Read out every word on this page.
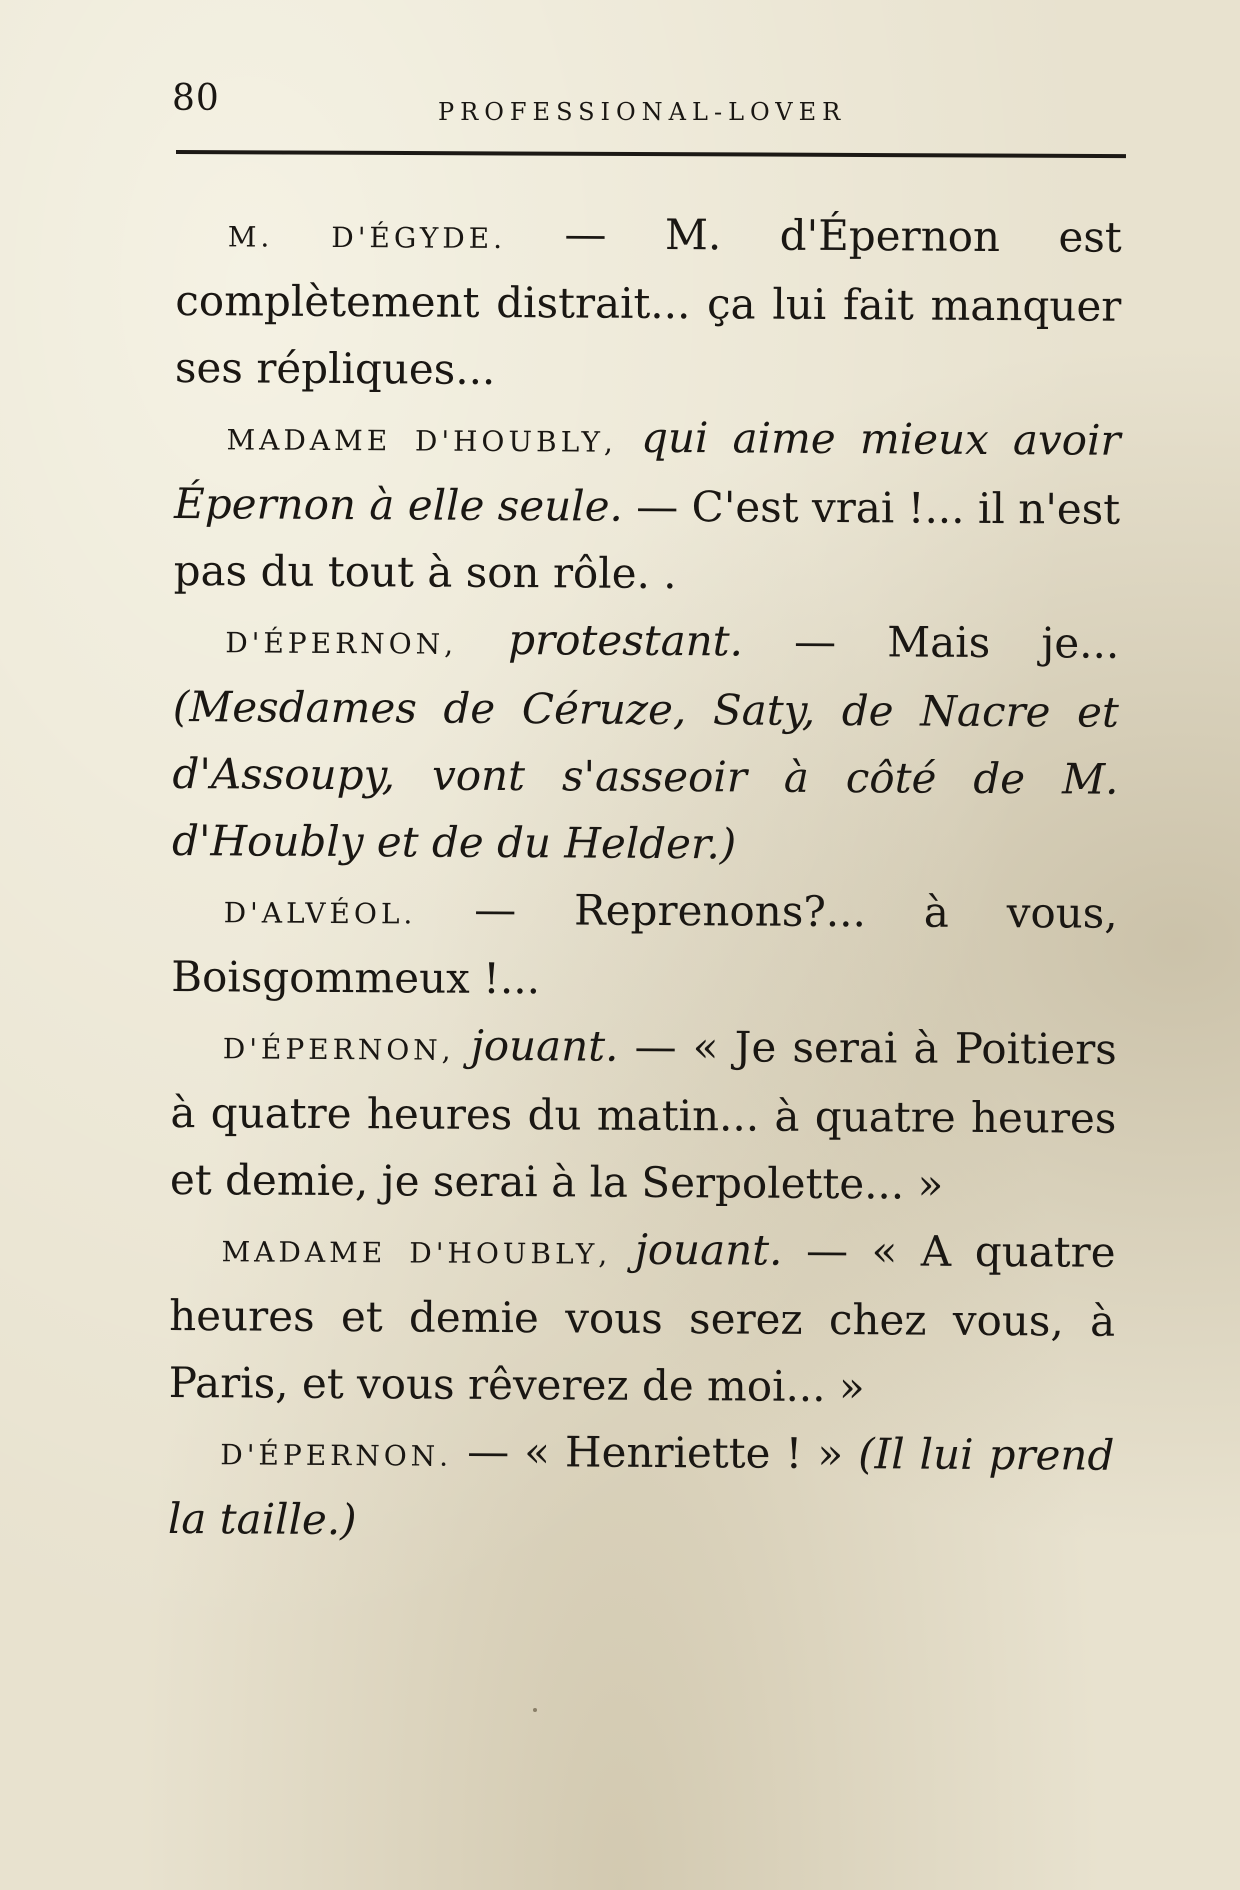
80	PROFESSIONAL-LOVER

m. d'égyde. — M. d'Épernon est complètement distrait... ça lui fait manquer ses répliques...

madame d'houbly, qui aime mieux avoir Épernon à elle seule. — C'est vrai !... il n'est pas du tout à son rôle. .

d'épernon, protestant. — Mais je... (Mesdames de Céruze, Saty, de Nacre et d'Assoupy, vont s'asseoir à côté de M. d'Houbly et de du Helder.)

d'alvéol. — Reprenons?... à vous, Boisgommeux !...

d'épernon, jouant. — « Je serai à Poitiers à quatre heures du matin... à quatre heures et demie, je serai à la Serpolette... »

madame d'houbly, jouant. — « A quatre heures et demie vous serez chez vous, à Paris, et vous rêverez de moi... »

d'épernon. — « Henriette ! » (Il lui prend la taille.)
